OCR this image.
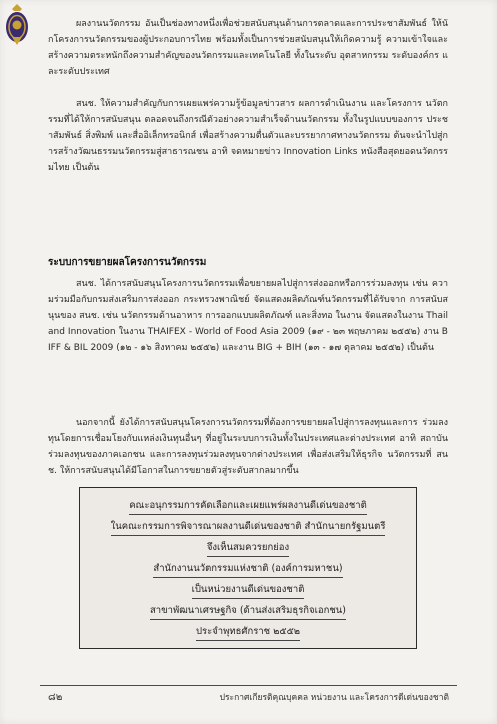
ผลงานนวัตกรรม อันเป็นช่องทางหนึ่งเพื่อช่วยสนับสนุนด้านการตลาดและการประชาสัมพันธ์ ให้นักโครงการนวัตกรรมของผู้ประกอบการไทย พร้อมทั้งเป็นการช่วยสนับสนุนให้เกิดความรู้ ความเข้าใจและสร้างความตระหนักถึงความสำคัญของนวัตกรรมและเทคโนโลยี ทั้งในระดับ อุตสาหกรรม ระดับองค์กร และระดับประเทศ
สนช. ให้ความสำคัญกับการเผยแพร่ความรู้ข้อมูลข่าวสาร ผลการดำเนินงาน และโครงการ นวัตกรรมที่ได้ให้การสนับสนุน ตลอดจนถึงกรณีตัวอย่างความสำเร็จด้านนวัตกรรม ทั้งในรูปแบบของการ ประชาสัมพันธ์ สิ่งพิมพ์ และสื่ออิเล็กทรอนิกส์ เพื่อสร้างความตื่นตัวและบรรยากาศทางนวัตกรรม ต้นจะนำไปสู่การสร้างวัฒนธรรมนวัตกรรมสู่สาธารณชน อาทิ จดหมายข่าว Innovation Links หนังสือสุดยอดนวัตกรรมไทย เป็นต้น
ระบบการขยายผลโครงการนวัตกรรม
สนช. ได้การสนับสนุนโครงการนวัตกรรมเพื่อขยายผลไปสู่การส่งออกหรือการร่วมลงทุน เช่น ความร่วมมือกับกรมส่งเสริมการส่งออก กระทรวงพาณิชย์ จัดแสดงผลิตภัณฑ์นวัตกรรมที่ได้รับจาก การสนับสนุนของ สนช. เช่น นวัตกรรมด้านอาหาร การออกแบบผลิตภัณฑ์ และสิ่งทอ ในงาน จัดแสดงในงาน Thailand Innovation ในงาน THAIFEX - World of Food Asia 2009 (๑๙ - ๒๓ พฤษภาคม ๒๕๕๒) งาน BIFF & BIL 2009 (๑๒ - ๑๖ สิงหาคม ๒๕๕๒) และงาน BIG + BIH (๑๓ - ๑๗ ตุลาคม ๒๕๕๒) เป็นต้น
นอกจากนี้ ยังได้การสนับสนุนโครงการนวัตกรรมที่ต้องการขยายผลไปสู่การลงทุนและการ ร่วมลงทุนโดยการเชื่อมโยงกับแหล่งเงินทุนอื่นๆ ที่อยู่ในระบบการเงินทั้งในประเทศและต่างประเทศ อาทิ สถาบันร่วมลงทุนของภาคเอกชน และการลงทุนร่วมลงทุนจากต่างประเทศ เพื่อส่งเสริมให้ธุรกิจ นวัตกรรมที่ สนช. ให้การสนับสนุนได้มีโอกาสในการขยายตัวสู่ระดับสากลมากขึ้น
คณะอนุกรรมการคัดเลือกและเผยแพร่ผลงานดีเด่นของชาติ
ในคณะกรรมการพิจารณาผลงานดีเด่นของชาติ สำนักนายกรัฐมนตรี
จึงเห็นสมควรยกย่อง
สำนักงานนวัตกรรมแห่งชาติ (องค์การมหาชน)
เป็นหน่วยงานดีเด่นของชาติ
สาขาพัฒนาเศรษฐกิจ (ด้านส่งเสริมธุรกิจเอกชน)
ประจำพุทธศักราช ๒๕๕๒
๘๒	ประกาศเกียรติคุณบุคคล หน่วยงาน และโครงการดีเด่นของชาติ
